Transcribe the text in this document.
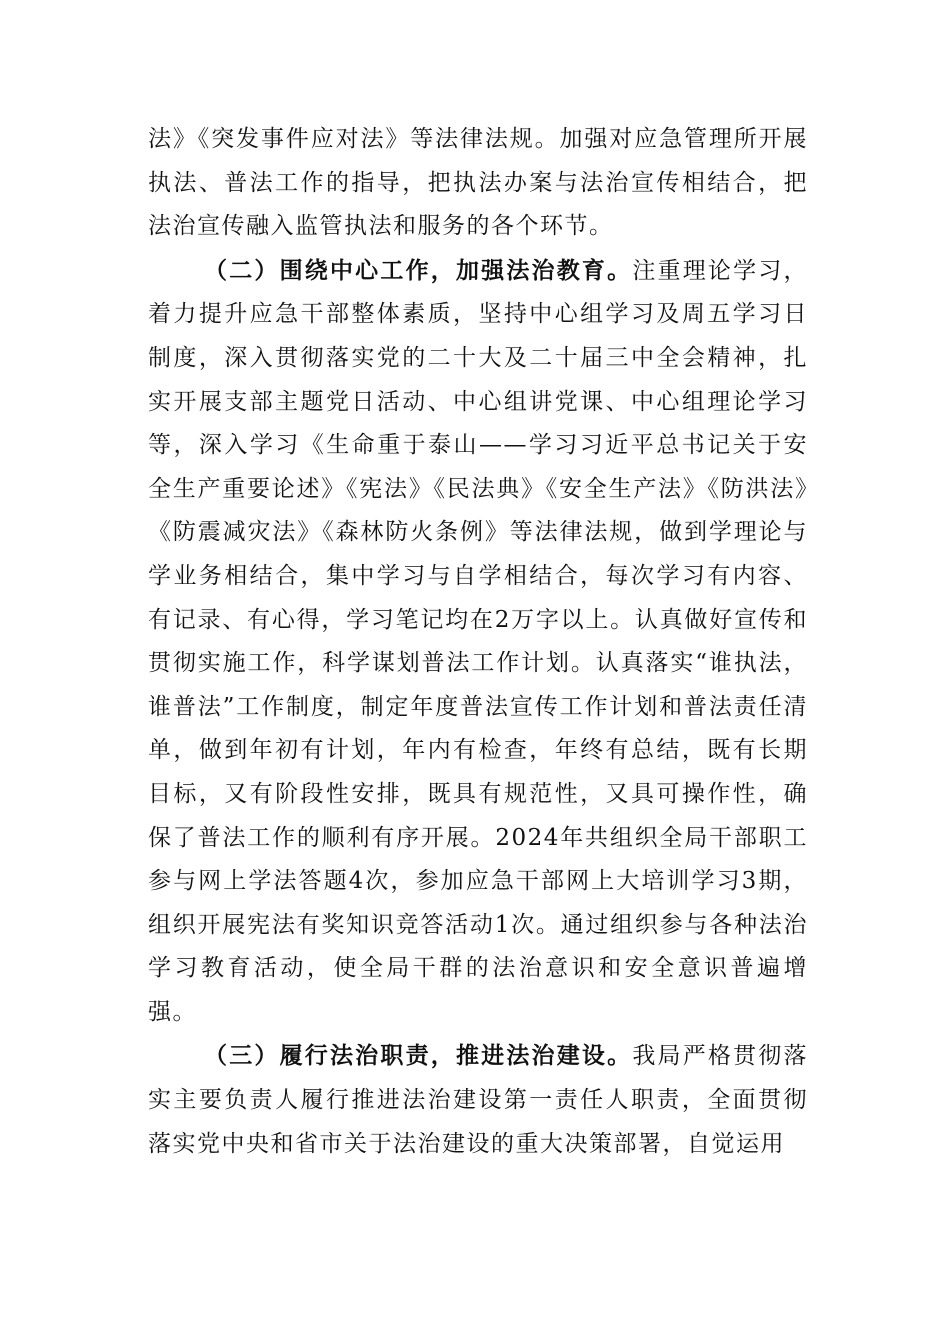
法》《突发事件应对法》等法律法规。加强对应急管理所开展执法、普法工作的指导，把执法办案与法治宣传相结合，把法治宣传融入监管执法和服务的各个环节。

（二）围绕中心工作，加强法治教育。注重理论学习，着力提升应急干部整体素质，坚持中心组学习及周五学习日制度，深入贯彻落实党的二十大及二十届三中全会精神，扎实开展支部主题党日活动、中心组讲党课、中心组理论学习等，深入学习《生命重于泰山——学习习近平总书记关于安全生产重要论述》《宪法》《民法典》《安全生产法》《防洪法》《防震减灾法》《森林防火条例》等法律法规，做到学理论与学业务相结合，集中学习与自学相结合，每次学习有内容、有记录、有心得，学习笔记均在2万字以上。认真做好宣传和贯彻实施工作，科学谋划普法工作计划。认真落实“谁执法，谁普法”工作制度，制定年度普法宣传工作计划和普法责任清单，做到年初有计划，年内有检查，年终有总结，既有长期目标，又有阶段性安排，既具有规范性，又具可操作性，确保了普法工作的顺利有序开展。2024年共组织全局干部职工参与网上学法答题4次，参加应急干部网上大培训学习3期，组织开展宪法有奖知识竞答活动1次。通过组织参与各种法治学习教育活动，使全局干群的法治意识和安全意识普遍增强。

（三）履行法治职责，推进法治建设。我局严格贯彻落实主要负责人履行推进法治建设第一责任人职责，全面贯彻落实党中央和省市关于法治建设的重大决策部署，自觉运用
